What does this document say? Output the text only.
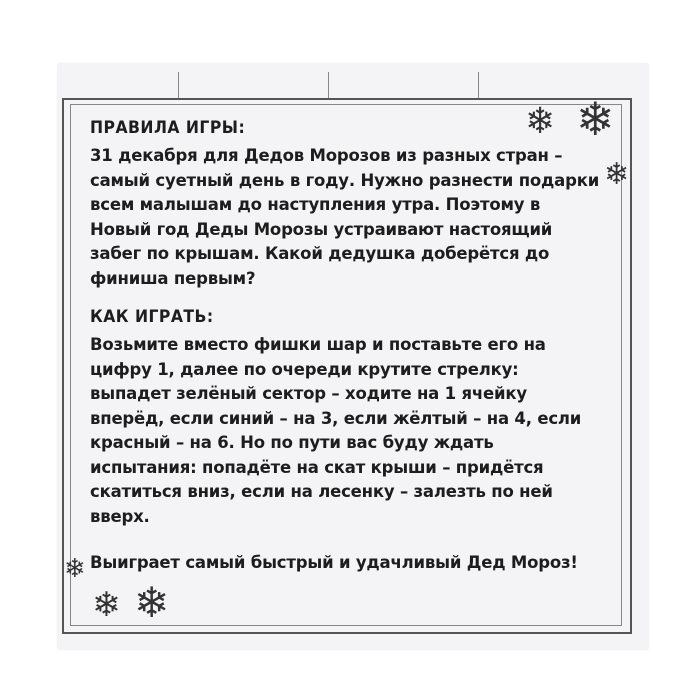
❄ ❄
❄
❄
❄ ❄
ПРАВИЛА ИГРЫ:

31 декабря для Дедов Морозов из разных стран – самый суетный день в году. Нужно разнести подарки всем малышам до наступления утра. Поэтому в Новый год Деды Морозы устраивают настоящий забег по крышам. Какой дедушка доберётся до финиша первым?

КАК ИГРАТЬ:

Возьмите вместо фишки шар и поставьте его на цифру 1, далее по очереди крутите стрелку: выпадет зелёный сектор – ходите на 1 ячейку вперёд, если синий – на 3, если жёлтый – на 4, если красный – на 6. Но по пути вас буду ждать испытания: попадёте на скат крыши – придётся скатиться вниз, если на лесенку – залезть по ней вверх.

Выиграет самый быстрый и удачливый Дед Мороз!
